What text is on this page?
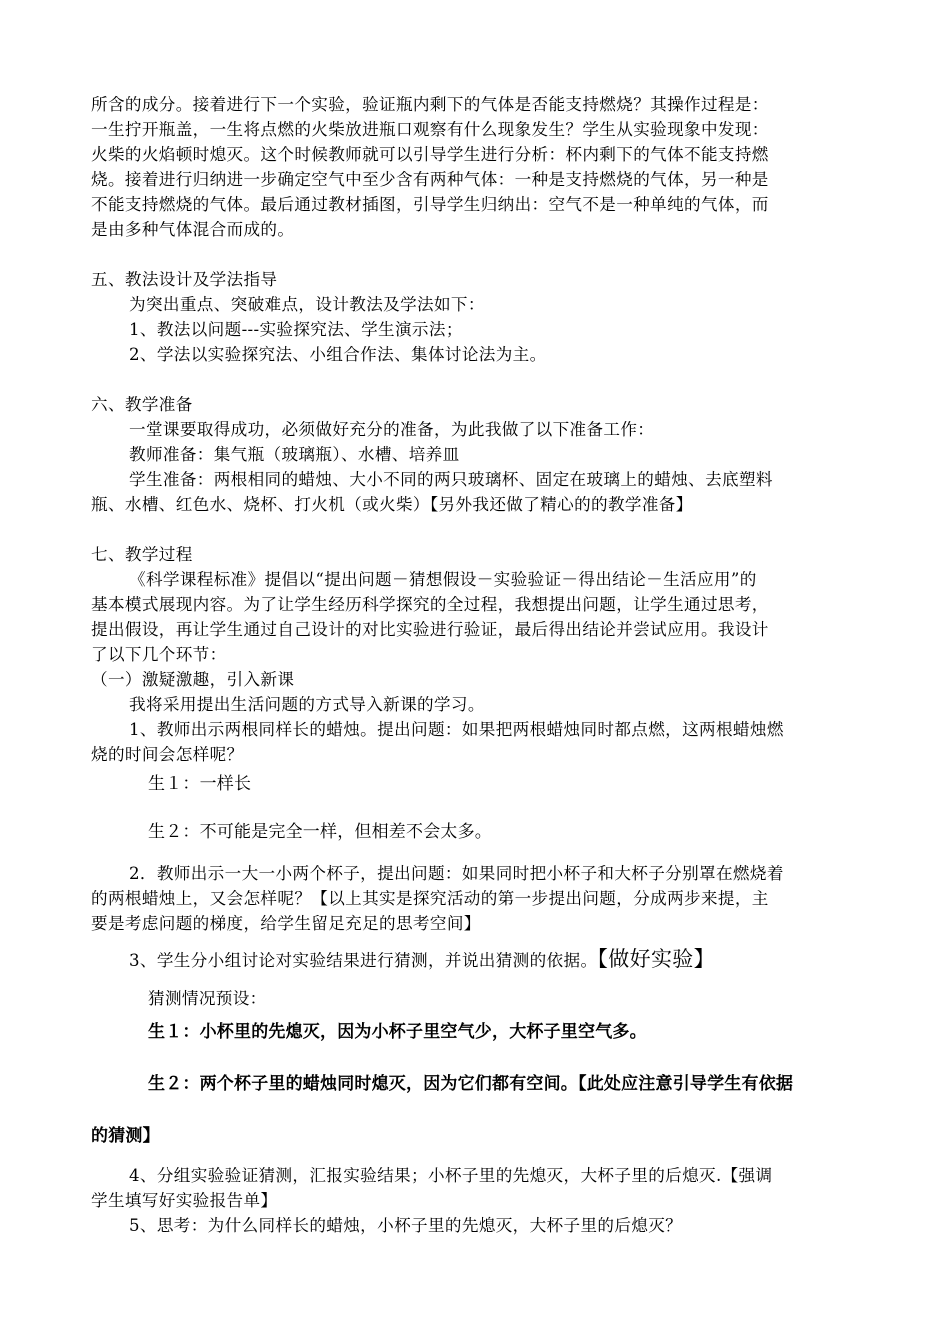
所含的成分。接着进行下一个实验，验证瓶内剩下的气体是否能支持燃烧？其操作过程是：
一生拧开瓶盖，一生将点燃的火柴放进瓶口观察有什么现象发生？学生从实验现象中发现：
火柴的火焰顿时熄灭。这个时候教师就可以引导学生进行分析：杯内剩下的气体不能支持燃
烧。接着进行归纳进一步确定空气中至少含有两种气体：一种是支持燃烧的气体，另一种是
不能支持燃烧的气体。最后通过教材插图，引导学生归纳出：空气不是一种单纯的气体，而
是由多种气体混合而成的。
五、教法设计及学法指导
为突出重点、突破难点，设计教法及学法如下：
1、教法以问题---实验探究法、学生演示法；
2、学法以实验探究法、小组合作法、集体讨论法为主。
六、教学准备
一堂课要取得成功，必须做好充分的准备，为此我做了以下准备工作：
教师准备：集气瓶（玻璃瓶）、水槽、培养皿
学生准备：两根相同的蜡烛、大小不同的两只玻璃杯、固定在玻璃上的蜡烛、去底塑料
瓶、水槽、红色水、烧杯、打火机（或火柴）【另外我还做了精心的的教学准备】
七、教学过程
《科学课程标准》提倡以“提出问题－猜想假设－实验验证－得出结论－生活应用”的
基本模式展现内容。为了让学生经历科学探究的全过程，我想提出问题，让学生通过思考，
提出假设，再让学生通过自己设计的对比实验进行验证，最后得出结论并尝试应用。我设计
了以下几个环节：
（一）激疑激趣，引入新课
我将采用提出生活问题的方式导入新课的学习。
1、教师出示两根同样长的蜡烛。提出问题：如果把两根蜡烛同时都点燃，这两根蜡烛燃
烧的时间会怎样呢？
生１：一样长
生２：不可能是完全一样，但相差不会太多。
2．教师出示一大一小两个杯子，提出问题：如果同时把小杯子和大杯子分别罩在燃烧着
的两根蜡烛上，又会怎样呢？【以上其实是探究活动的第一步提出问题，分成两步来提，主
要是考虑问题的梯度，给学生留足充足的思考空间】
3、学生分小组讨论对实验结果进行猜测，并说出猜测的依据。【做好实验】
猜测情况预设：
生１：小杯里的先熄灭，因为小杯子里空气少，大杯子里空气多。
生２：两个杯子里的蜡烛同时熄灭，因为它们都有空间。【此处应注意引导学生有依据
的猜测】
4、分组实验验证猜测，汇报实验结果；小杯子里的先熄灭，大杯子里的后熄灭.【强调
学生填写好实验报告单】
5、思考：为什么同样长的蜡烛，小杯子里的先熄灭，大杯子里的后熄灭？
